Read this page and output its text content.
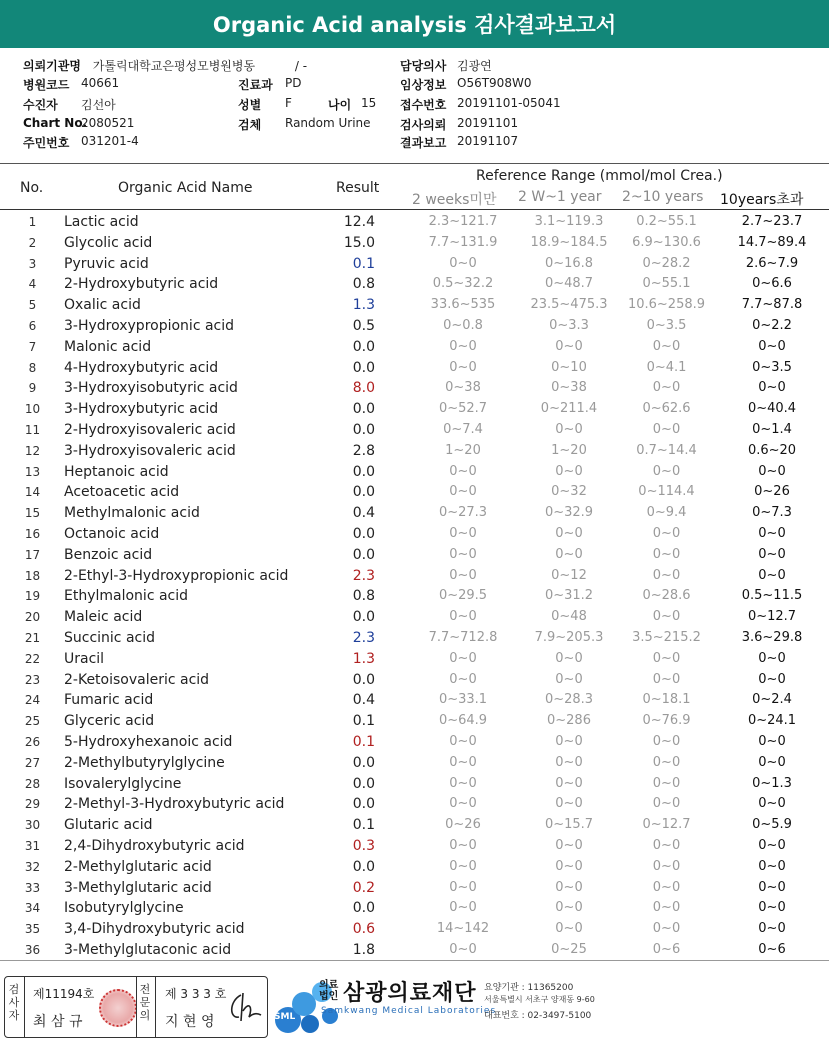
Organic Acid analysis 검사결과보고서
의뢰기관명 가톨릭대학교은평성모병원병동	/ -
병원코드 40661
수진자 김선아
Chart No.
2080521
주민번호 031201-4
진료과 PD
성별 F	나이 15
검체 Random Urine
담당의사 김광연
임상정보 O56T908W0
접수번호 20191101-05041
검사의뢰 20191101
결과보고 20191107
No.	Organic Acid Name	Result
Reference Range (mmol/mol Crea.)
2 weeks미만 2 W~1 year 2~10 years 10years초과
1	Lactic acid	12.4	2.3~121.7	3.1~119.3	0.2~55.1	2.7~23.7
2	Glycolic acid	15.0	7.7~131.9	18.9~184.5	6.9~130.6	14.7~89.4
3	Pyruvic acid	0.1	0~0	0~16.8	0~28.2	2.6~7.9
4	2-Hydroxybutyric acid	0.8	0.5~32.2	0~48.7	0~55.1	0~6.6
5	Oxalic acid	1.3	33.6~535	23.5~475.3	10.6~258.9	7.7~87.8
6	3-Hydroxypropionic acid	0.5	0~0.8	0~3.3	0~3.5	0~2.2
7	Malonic acid	0.0	0~0	0~0	0~0	0~0
8	4-Hydroxybutyric acid	0.0	0~0	0~10	0~4.1	0~3.5
9	3-Hydroxyisobutyric acid	8.0	0~38	0~38	0~0	0~0
10	3-Hydroxybutyric acid	0.0	0~52.7	0~211.4	0~62.6	0~40.4
11	2-Hydroxyisovaleric acid	0.0	0~7.4	0~0	0~0	0~1.4
12	3-Hydroxyisovaleric acid	2.8	1~20	1~20	0.7~14.4	0.6~20
13	Heptanoic acid	0.0	0~0	0~0	0~0	0~0
14	Acetoacetic acid	0.0	0~0	0~32	0~114.4	0~26
15	Methylmalonic acid	0.4	0~27.3	0~32.9	0~9.4	0~7.3
16	Octanoic acid	0.0	0~0	0~0	0~0	0~0
17	Benzoic acid	0.0	0~0	0~0	0~0	0~0
18	2-Ethyl-3-Hydroxypropionic acid	2.3	0~0	0~12	0~0	0~0
19	Ethylmalonic acid	0.8	0~29.5	0~31.2	0~28.6	0.5~11.5
20	Maleic acid	0.0	0~0	0~48	0~0	0~12.7
21	Succinic acid	2.3	7.7~712.8	7.9~205.3	3.5~215.2	3.6~29.8
22	Uracil	1.3	0~0	0~0	0~0	0~0
23	2-Ketoisovaleric acid	0.0	0~0	0~0	0~0	0~0
24	Fumaric acid	0.4	0~33.1	0~28.3	0~18.1	0~2.4
25	Glyceric acid	0.1	0~64.9	0~286	0~76.9	0~24.1
26	5-Hydroxyhexanoic acid	0.1	0~0	0~0	0~0	0~0
27	2-Methylbutyrylglycine	0.0	0~0	0~0	0~0	0~0
28	Isovalerylglycine	0.0	0~0	0~0	0~0	0~1.3
29	2-Methyl-3-Hydroxybutyric acid	0.0	0~0	0~0	0~0	0~0
30	Glutaric acid	0.1	0~26	0~15.7	0~12.7	0~5.9
31	2,4-Dihydroxybutyric acid	0.3	0~0	0~0	0~0	0~0
32	2-Methylglutaric acid	0.0	0~0	0~0	0~0	0~0
33	3-Methylglutaric acid	0.2	0~0	0~0	0~0	0~0
34	Isobutyrylglycine	0.0	0~0	0~0	0~0	0~0
35	3,4-Dihydroxybutyric acid	0.6	14~142	0~0	0~0	0~0
36	3-Methylglutaconic acid	1.8	0~0	0~25	0~6	0~6
검사자
제11194호
최 삼 규
전문의
제 3 3 3 호
지 현 영	SML
의료법인 삼광의료재단
Samkwang Medical Laboratories
요양기관 : 11365200
서울특별시 서초구 양재동 9-60
대표번호 : 02-3497-5100
